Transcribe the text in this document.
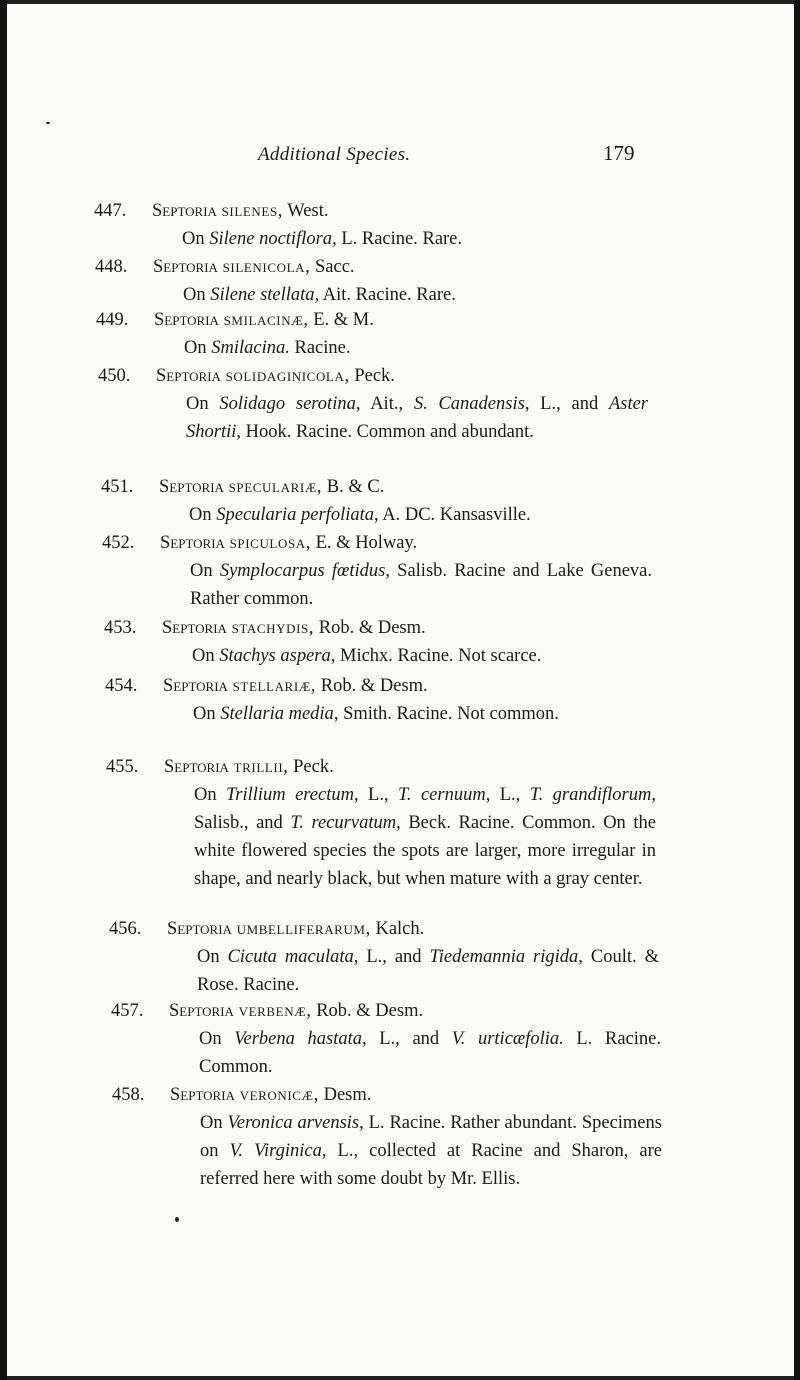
Additional Species.	179
447. Septoria silenes, West.
On Silene noctiflora, L. Racine. Rare.
448. Septoria silenicola, Sacc.
On Silene stellata, Ait. Racine. Rare.
449. Septoria smilacinæ, E. & M.
On Smilacina. Racine.
450. Septoria solidaginicola, Peck.
On Solidago serotina, Ait., S. Canadensis, L., and Aster Shortii, Hook. Racine. Common and abundant.
451. Septoria speculariæ, B. & C.
On Specularia perfoliata, A. DC. Kansasville.
452. Septoria spiculosa, E. & Holway.
On Symplocarpus fœtidus, Salisb. Racine and Lake Geneva. Rather common.
453. Septoria stachydis, Rob. & Desm.
On Stachys aspera, Michx. Racine. Not scarce.
454. Septoria stellariæ, Rob. & Desm.
On Stellaria media, Smith. Racine. Not common.
455. Septoria trillii, Peck.
On Trillium erectum, L., T. cernuum, L., T. grandiflorum, Salisb., and T. recurvatum, Beck. Racine. Common. On the white flowered species the spots are larger, more irregular in shape, and nearly black, but when mature with a gray center.
456. Septoria umbelliferarum, Kalch.
On Cicuta maculata, L., and Tiedemannia rigida, Coult. & Rose. Racine.
457. Septoria verbenæ, Rob. & Desm.
On Verbena hastata, L., and V. urticæfolia. L. Racine. Common.
458. Septoria veronicæ, Desm.
On Veronica arvensis, L. Racine. Rather abundant. Specimens on V. Virginica, L., collected at Racine and Sharon, are referred here with some doubt by Mr. Ellis.
